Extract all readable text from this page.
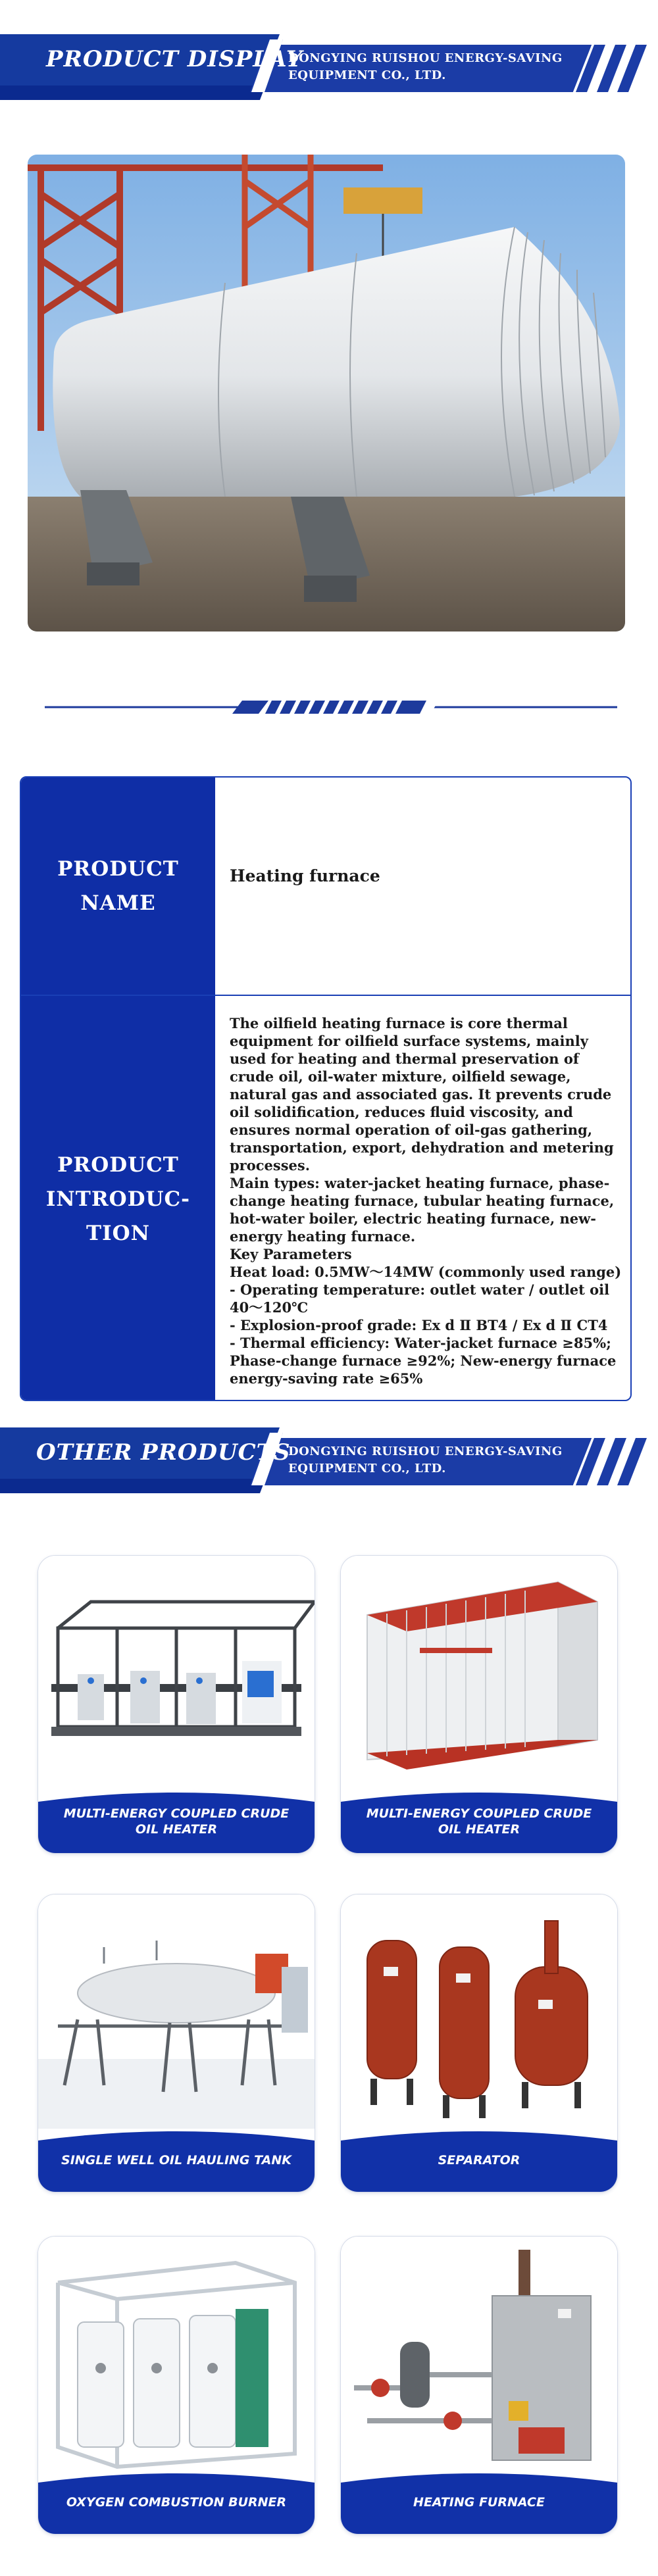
PRODUCT DISPLAY
DONGYING RUISHOU ENERGY-SAVING EQUIPMENT CO., LTD.
PRODUCT NAME
Heating furnace
PRODUCT INTRODUC-TION

The oilfield heating furnace is core thermal equipment for oilfield surface systems, mainly used for heating and thermal preservation of crude oil, oil-water mixture, oilfield sewage, natural gas and associated gas. It prevents crude oil solidification, reduces fluid viscosity, and ensures normal operation of oil-gas gathering, transportation, export, dehydration and metering processes.

Main types: water-jacket heating furnace, phase-change heating furnace, tubular heating furnace, hot-water boiler, electric heating furnace, new-energy heating furnace.

Key Parameters

Heat load: 0.5MW～14MW (commonly used range)

- Operating temperature: outlet water / outlet oil 40～120℃

- Explosion-proof grade: Ex d Ⅱ BT4 / Ex d Ⅱ CT4

- Thermal efficiency: Water-jacket furnace ≥85%; Phase-change furnace ≥92%; New-energy furnace energy-saving rate ≥65%

OTHER PRODUCTS
DONGYING RUISHOU ENERGY-SAVING EQUIPMENT CO., LTD.
MULTI-ENERGY COUPLED CRUDE OIL HEATER
MULTI-ENERGY COUPLED CRUDE OIL HEATER
SINGLE WELL OIL HAULING TANK	SEPARATOR
OXYGEN COMBUSTION BURNER	HEATING FURNACE
